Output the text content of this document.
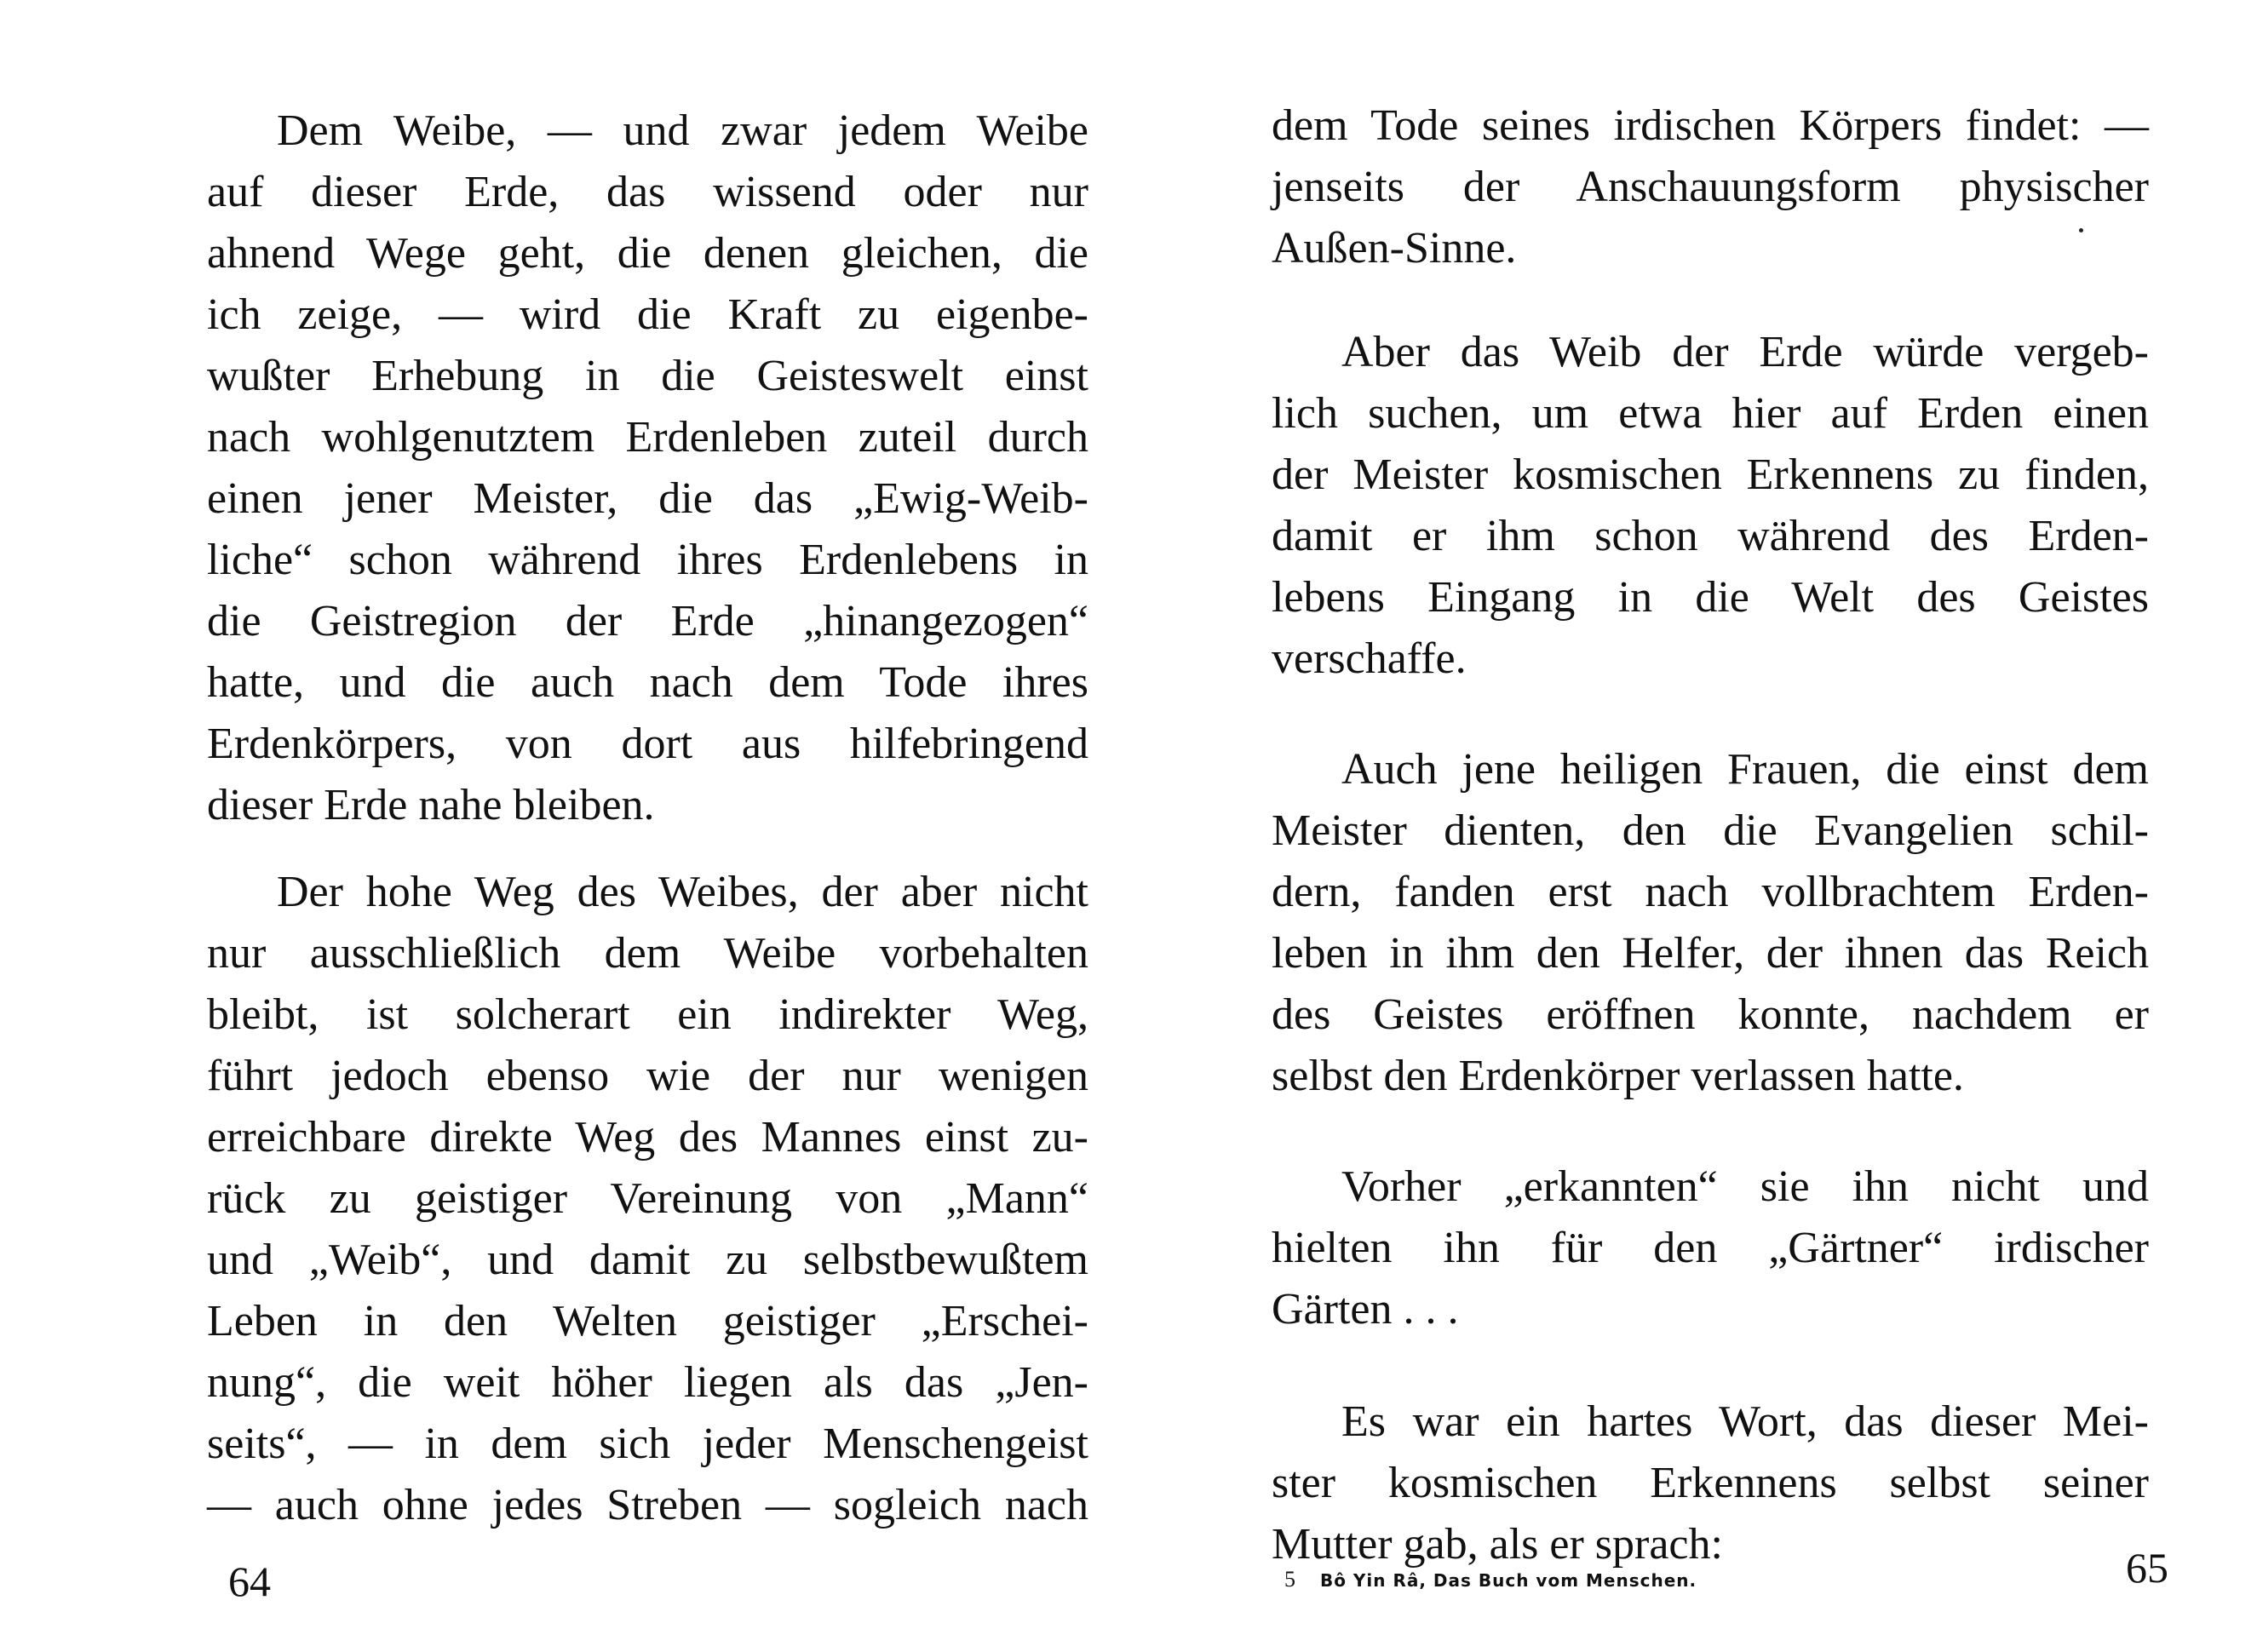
Dem Weibe, — und zwar jedem Weibe
auf dieser Erde, das wissend oder nur
ahnend Wege geht, die denen gleichen, die
ich zeige, — wird die Kraft zu eigenbe-
wußter Erhebung in die Geisteswelt einst
nach wohlgenutztem Erdenleben zuteil durch
einen jener Meister, die das „Ewig-Weib-
liche“ schon während ihres Erdenlebens in
die Geistregion der Erde „hinangezogen“
hatte, und die auch nach dem Tode ihres
Erdenkörpers, von dort aus hilfebringend
dieser Erde nahe bleiben.
Der hohe Weg des Weibes, der aber nicht
nur ausschließlich dem Weibe vorbehalten
bleibt, ist solcherart ein indirekter Weg,
führt jedoch ebenso wie der nur wenigen
erreichbare direkte Weg des Mannes einst zu-
rück zu geistiger Vereinung von „Mann“
und „Weib“, und damit zu selbstbewußtem
Leben in den Welten geistiger „Erschei-
nung“, die weit höher liegen als das „Jen-
seits“, — in dem sich jeder Menschengeist
— auch ohne jedes Streben — sogleich nach
64
dem Tode seines irdischen Körpers findet: —
jenseits der Anschauungsform physischer
Außen-Sinne.
Aber das Weib der Erde würde vergeb-
lich suchen, um etwa hier auf Erden einen
der Meister kosmischen Erkennens zu finden,
damit er ihm schon während des Erden-
lebens Eingang in die Welt des Geistes
verschaffe.
Auch jene heiligen Frauen, die einst dem
Meister dienten, den die Evangelien schil-
dern, fanden erst nach vollbrachtem Erden-
leben in ihm den Helfer, der ihnen das Reich
des Geistes eröffnen konnte, nachdem er
selbst den Erdenkörper verlassen hatte.
Vorher „erkannten“ sie ihn nicht und
hielten ihn für den „Gärtner“ irdischer
Gärten . . .
Es war ein hartes Wort, das dieser Mei-
ster kosmischen Erkennens selbst seiner
Mutter gab, als er sprach:
5 Bô Yin Râ, Das Buch vom Menschen.	65
